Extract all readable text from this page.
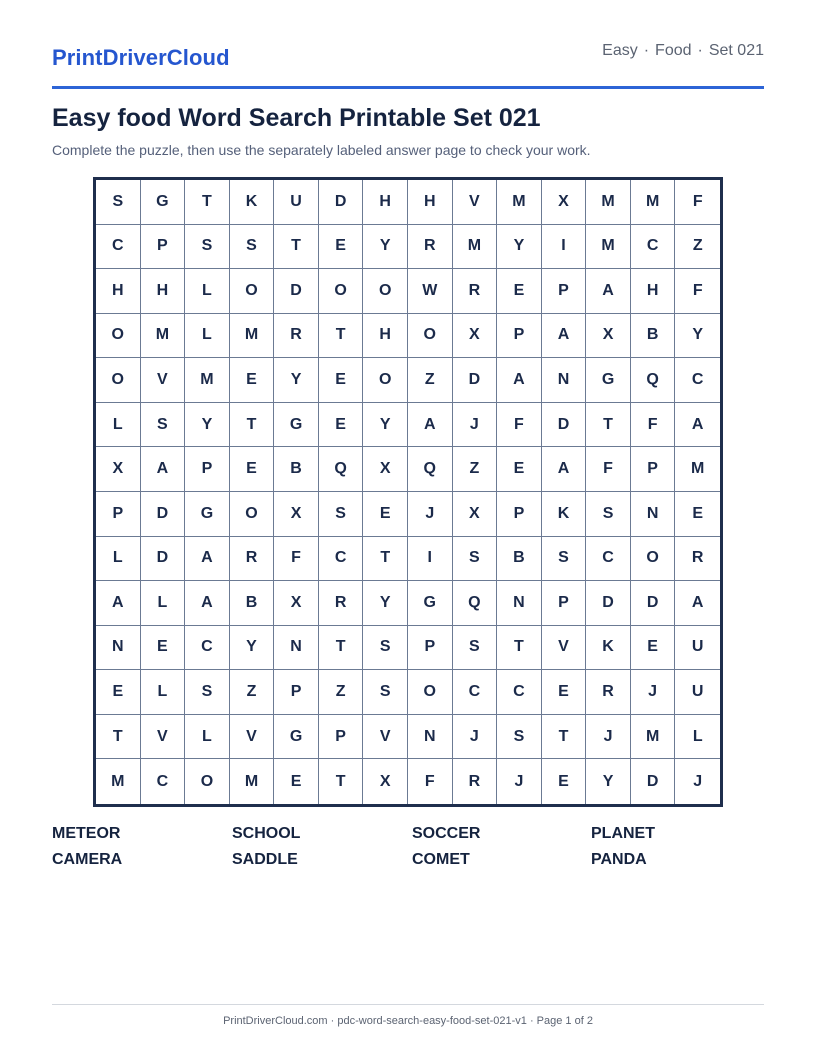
PrintDriverCloud	Easy · Food · Set 021
Easy food Word Search Printable Set 021

Complete the puzzle, then use the separately labeled answer page to check your work.

S	G	T	K	U	D	H	H	V	M	X	M	M	F
C	P	S	S	T	E	Y	R	M	Y	I	M	C	Z
H	H	L	O	D	O	O	W	R	E	P	A	H	F
O	M	L	M	R	T	H	O	X	P	A	X	B	Y
O	V	M	E	Y	E	O	Z	D	A	N	G	Q	C
L	S	Y	T	G	E	Y	A	J	F	D	T	F	A
X	A	P	E	B	Q	X	Q	Z	E	A	F	P	M
P	D	G	O	X	S	E	J	X	P	K	S	N	E
L	D	A	R	F	C	T	I	S	B	S	C	O	R
A	L	A	B	X	R	Y	G	Q	N	P	D	D	A
N	E	C	Y	N	T	S	P	S	T	V	K	E	U
E	L	S	Z	P	Z	S	O	C	C	E	R	J	U
T	V	L	V	G	P	V	N	J	S	T	J	M	L
M	C	O	M	E	T	X	F	R	J	E	Y	D	J
METEOR	SCHOOL	SOCCER	PLANET
CAMERA	SADDLE	COMET	PANDA
PrintDriverCloud.com · pdc-word-search-easy-food-set-021-v1 · Page 1 of 2
